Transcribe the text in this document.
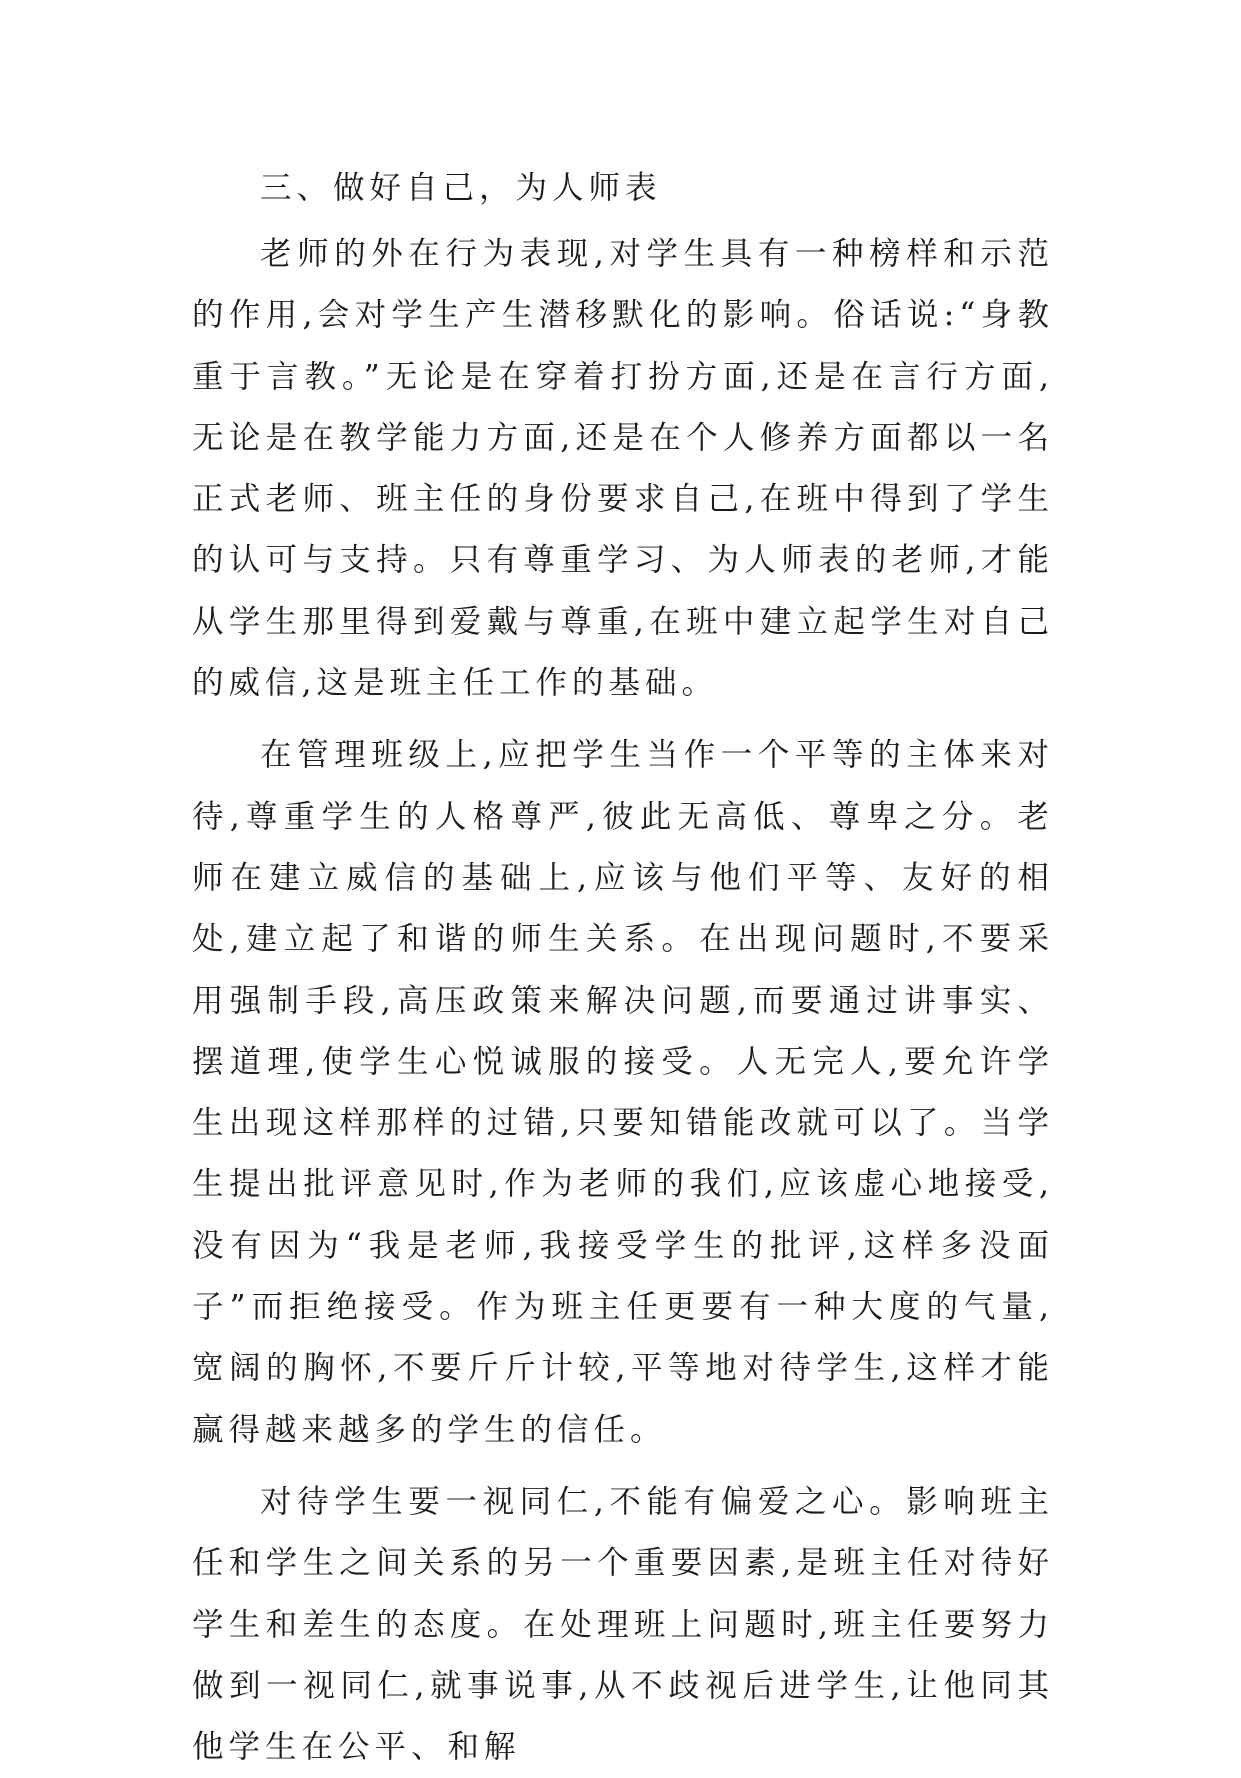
三、做好自己，为人师表

老师的外在行为表现,对学生具有一种榜样和示范的作用,会对学生产生潜移默化的影响。俗话说:“身教重于言教。”无论是在穿着打扮方面,还是在言行方面,无论是在教学能力方面,还是在个人修养方面都以一名正式老师、班主任的身份要求自己,在班中得到了学生的认可与支持。只有尊重学习、为人师表的老师,才能从学生那里得到爱戴与尊重,在班中建立起学生对自己的威信,这是班主任工作的基础。

在管理班级上,应把学生当作一个平等的主体来对待,尊重学生的人格尊严,彼此无高低、尊卑之分。老师在建立威信的基础上,应该与他们平等、友好的相处,建立起了和谐的师生关系。在出现问题时,不要采用强制手段,高压政策来解决问题,而要通过讲事实、摆道理,使学生心悦诚服的接受。人无完人,要允许学生出现这样那样的过错,只要知错能改就可以了。当学生提出批评意见时,作为老师的我们,应该虚心地接受,没有因为“我是老师,我接受学生的批评,这样多没面子”而拒绝接受。作为班主任更要有一种大度的气量,宽阔的胸怀,不要斤斤计较,平等地对待学生,这样才能赢得越来越多的学生的信任。

对待学生要一视同仁,不能有偏爱之心。影响班主任和学生之间关系的另一个重要因素,是班主任对待好学生和差生的态度。在处理班上问题时,班主任要努力做到一视同仁,就事说事,从不歧视后进学生,让他同其他学生在公平、和解
